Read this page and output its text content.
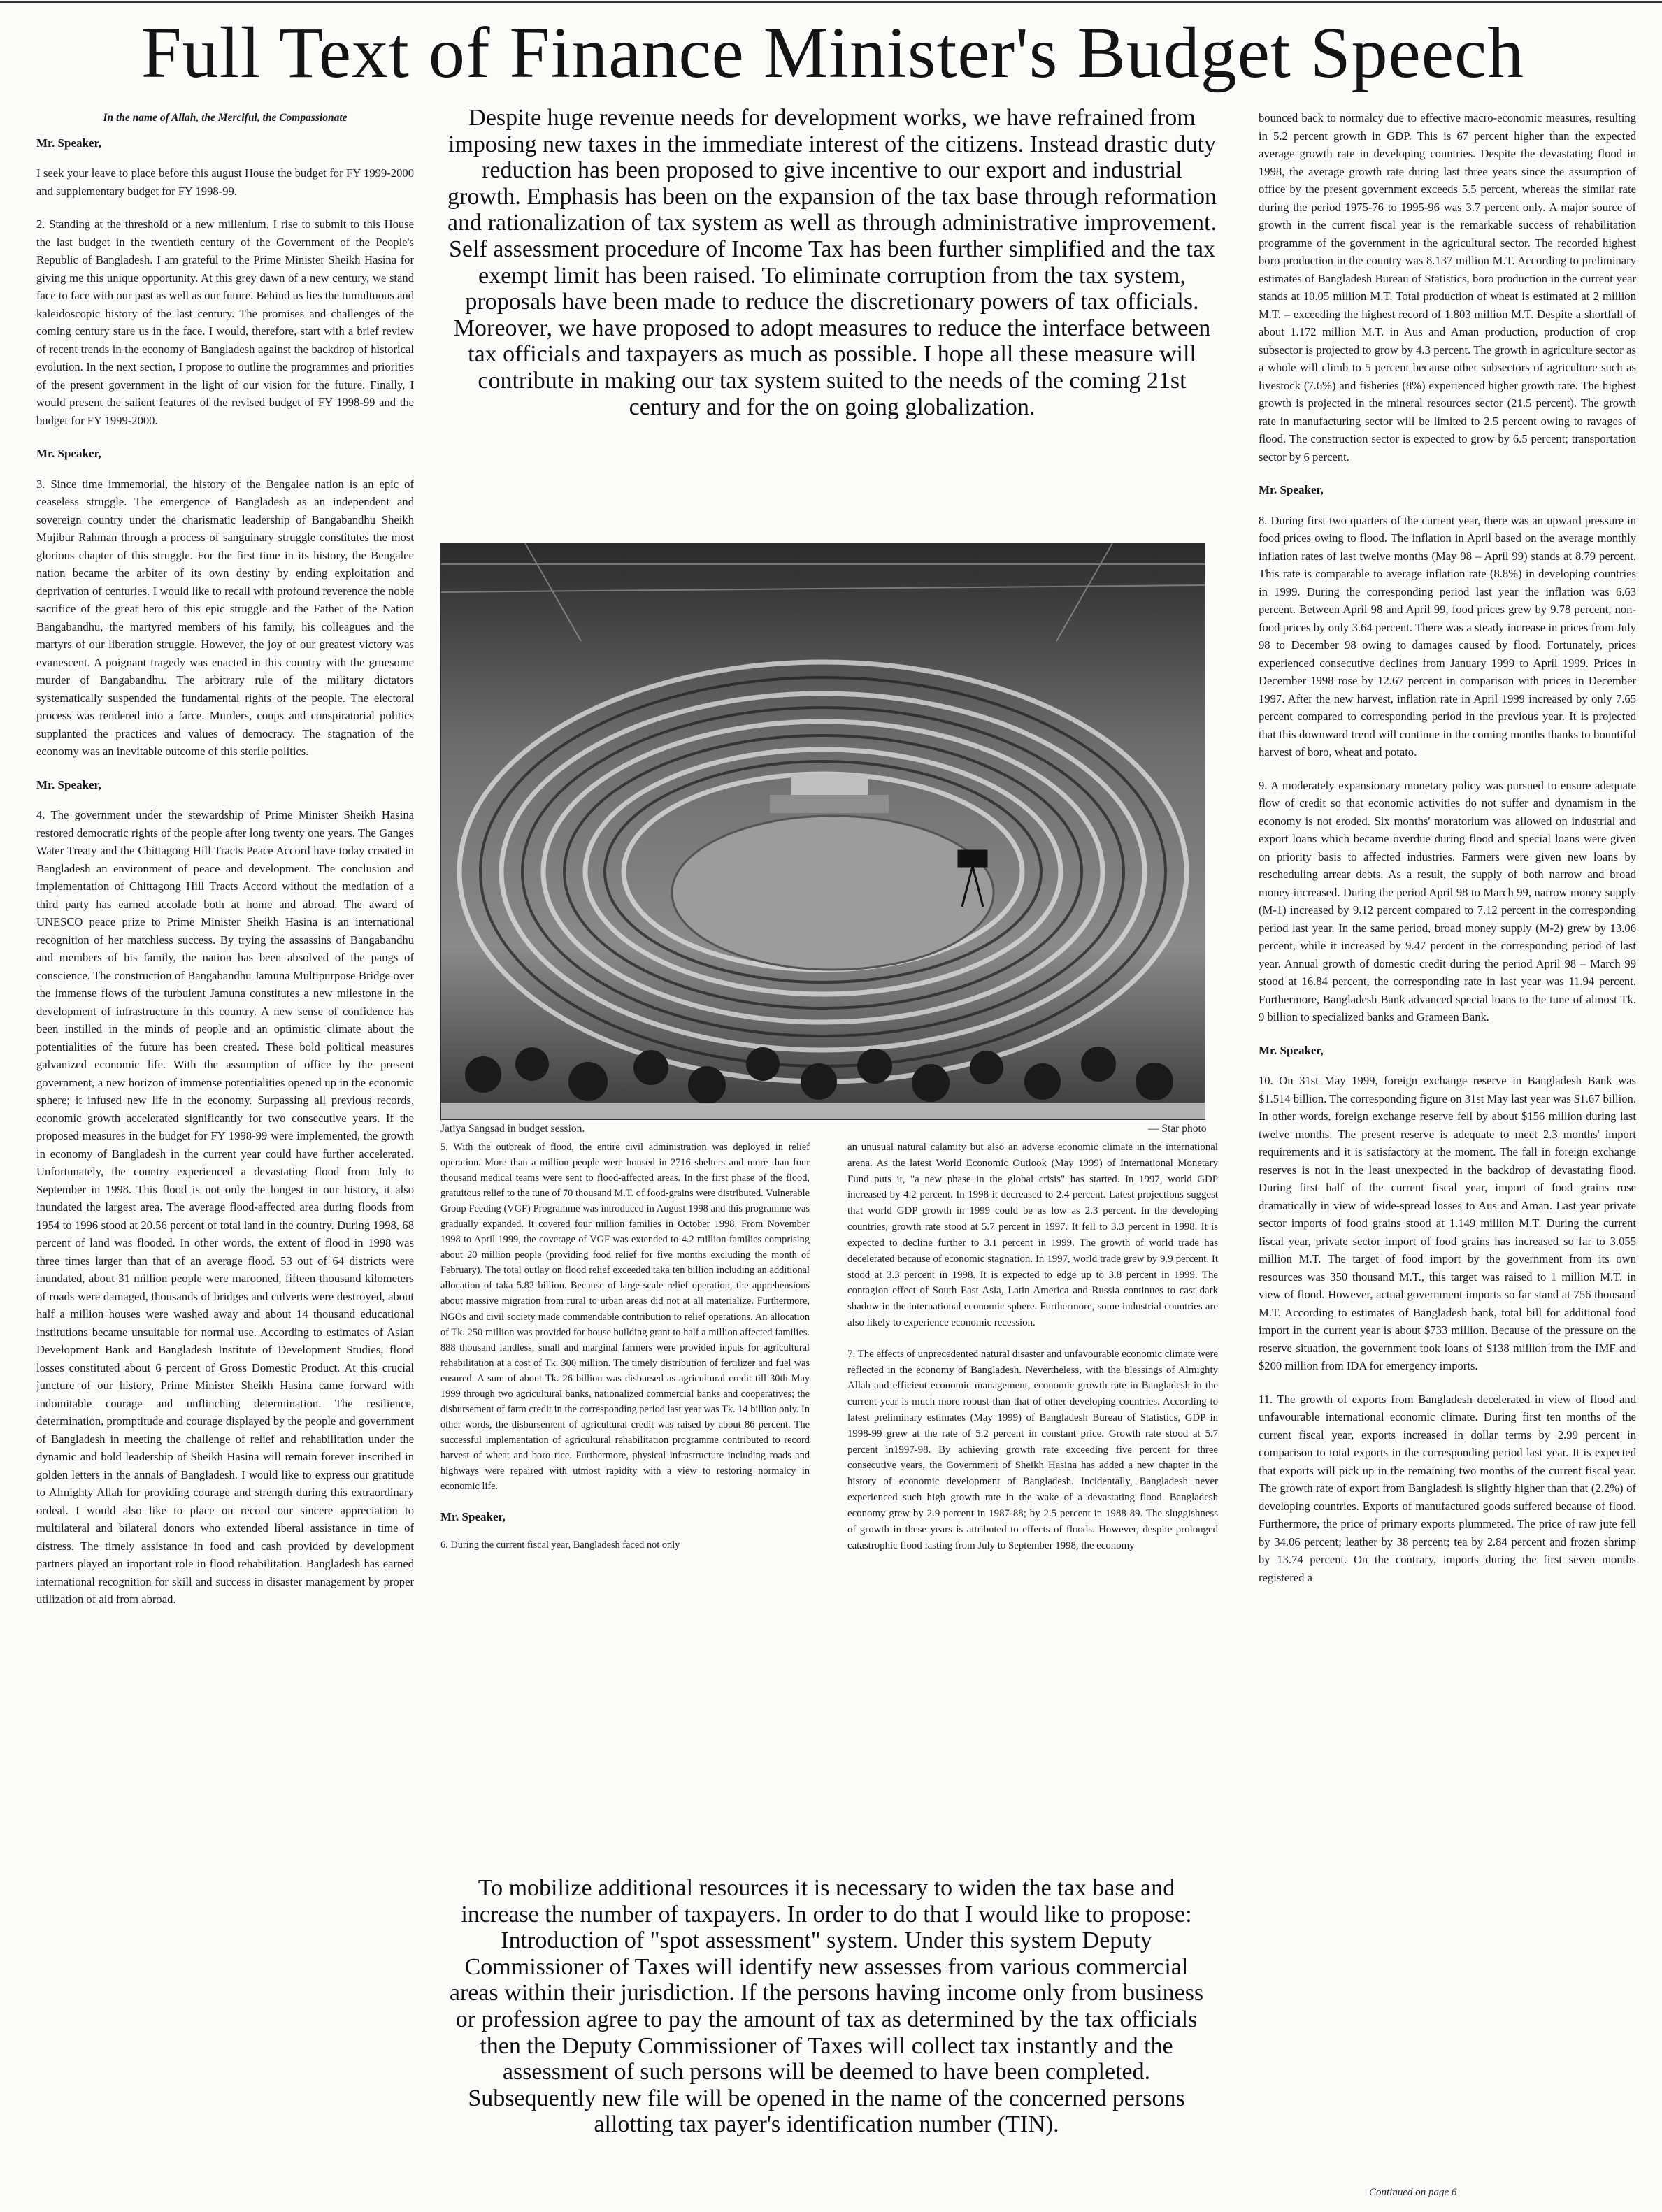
Full Text of Finance Minister's Budget Speech
In the name of Allah, the Merciful, the Compassionate
Mr. Speaker,

I seek your leave to place before this august House the budget for FY 1999-2000 and supplementary budget for FY 1998-99.

2. Standing at the threshold of a new millenium, I rise to submit to this House the last budget in the twentieth century of the Government of the People's Republic of Bangladesh. I am grateful to the Prime Minister Sheikh Hasina for giving me this unique opportunity. At this grey dawn of a new century, we stand face to face with our past as well as our future. Behind us lies the tumultuous and kaleidoscopic history of the last century. The promises and challenges of the coming century stare us in the face. I would, therefore, start with a brief review of recent trends in the economy of Bangladesh against the backdrop of historical evolution. In the next section, I propose to outline the programmes and priorities of the present government in the light of our vision for the future. Finally, I would present the salient features of the revised budget of FY 1998-99 and the budget for FY 1999-2000.

Mr. Speaker,

3. Since time immemorial, the history of the Bengalee nation is an epic of ceaseless struggle. The emergence of Bangladesh as an independent and sovereign country under the charismatic leadership of Bangabandhu Sheikh Mujibur Rahman through a process of sanguinary struggle constitutes the most glorious chapter of this struggle. For the first time in its history, the Bengalee nation became the arbiter of its own destiny by ending exploitation and deprivation of centuries. I would like to recall with profound reverence the noble sacrifice of the great hero of this epic struggle and the Father of the Nation Bangabandhu, the martyred members of his family, his colleagues and the martyrs of our liberation struggle. However, the joy of our greatest victory was evanescent. A poignant tragedy was enacted in this country with the gruesome murder of Bangabandhu. The arbitrary rule of the military dictators systematically suspended the fundamental rights of the people. The electoral process was rendered into a farce. Murders, coups and conspiratorial politics supplanted the practices and values of democracy. The stagnation of the economy was an inevitable outcome of this sterile politics.

Mr. Speaker,

4. The government under the stewardship of Prime Minister Sheikh Hasina restored democratic rights of the people after long twenty one years. The Ganges Water Treaty and the Chittagong Hill Tracts Peace Accord have today created in Bangladesh an environment of peace and development. The conclusion and implementation of Chittagong Hill Tracts Accord without the mediation of a third party has earned accolade both at home and abroad. The award of UNESCO peace prize to Prime Minister Sheikh Hasina is an international recognition of her matchless success. By trying the assassins of Bangabandhu and members of his family, the nation has been absolved of the pangs of conscience. The construction of Bangabandhu Jamuna Multipurpose Bridge over the immense flows of the turbulent Jamuna constitutes a new milestone in the development of infrastructure in this country. A new sense of confidence has been instilled in the minds of people and an optimistic climate about the potentialities of the future has been created. These bold political measures galvanized economic life. With the assumption of office by the present government, a new horizon of immense potentialities opened up in the economic sphere; it infused new life in the economy. Surpassing all previous records, economic growth accelerated significantly for two consecutive years. If the proposed measures in the budget for FY 1998-99 were implemented, the growth in economy of Bangladesh in the current year could have further accelerated. Unfortunately, the country experienced a devastating flood from July to September in 1998. This flood is not only the longest in our history, it also inundated the largest area. The average flood-affected area during floods from 1954 to 1996 stood at 20.56 percent of total land in the country. During 1998, 68 percent of land was flooded. In other words, the extent of flood in 1998 was three times larger than that of an average flood. 53 out of 64 districts were inundated, about 31 million people were marooned, fifteen thousand kilometers of roads were damaged, thousands of bridges and culverts were destroyed, about half a million houses were washed away and about 14 thousand educational institutions became unsuitable for normal use. According to estimates of Asian Development Bank and Bangladesh Institute of Development Studies, flood losses constituted about 6 percent of Gross Domestic Product. At this crucial juncture of our history, Prime Minister Sheikh Hasina came forward with indomitable courage and unflinching determination. The resilience, determination, promptitude and courage displayed by the people and government of Bangladesh in meeting the challenge of relief and rehabilitation under the dynamic and bold leadership of Sheikh Hasina will remain forever inscribed in golden letters in the annals of Bangladesh. I would like to express our gratitude to Almighty Allah for providing courage and strength during this extraordinary ordeal. I would also like to place on record our sincere appreciation to multilateral and bilateral donors who extended liberal assistance in time of distress. The timely assistance in food and cash provided by development partners played an important role in flood rehabilitation. Bangladesh has earned international recognition for skill and success in disaster management by proper utilization of aid from abroad.

Despite huge revenue needs for development works, we have refrained from imposing new taxes in the immediate interest of the citizens. Instead drastic duty reduction has been proposed to give incentive to our export and industrial growth. Emphasis has been on the expansion of the tax base through reformation and rationalization of tax system as well as through administrative improvement. Self assessment procedure of Income Tax has been further simplified and the tax exempt limit has been raised. To eliminate corruption from the tax system, proposals have been made to reduce the discretionary powers of tax officials. Moreover, we have proposed to adopt measures to reduce the interface between tax officials and taxpayers as much as possible. I hope all these measure will contribute in making our tax system suited to the needs of the coming 21st century and for the on going globalization.
Jatiya Sangsad in budget session.	— Star photo

5. With the outbreak of flood, the entire civil administration was deployed in relief operation. More than a million people were housed in 2716 shelters and more than four thousand medical teams were sent to flood-affected areas. In the first phase of the flood, gratuitous relief to the tune of 70 thousand M.T. of food-grains were distributed. Vulnerable Group Feeding (VGF) Programme was introduced in August 1998 and this programme was gradually expanded. It covered four million families in October 1998. From November 1998 to April 1999, the coverage of VGF was extended to 4.2 million families comprising about 20 million people (providing food relief for five months excluding the month of February). The total outlay on flood relief exceeded taka ten billion including an additional allocation of taka 5.82 billion. Because of large-scale relief operation, the apprehensions about massive migration from rural to urban areas did not at all materialize. Furthermore, NGOs and civil society made commendable contribution to relief operations. An allocation of Tk. 250 million was provided for house building grant to half a million affected families. 888 thousand landless, small and marginal farmers were provided inputs for agricultural rehabilitation at a cost of Tk. 300 million. The timely distribution of fertilizer and fuel was ensured. A sum of about Tk. 26 billion was disbursed as agricultural credit till 30th May 1999 through two agricultural banks, nationalized commercial banks and cooperatives; the disbursement of farm credit in the corresponding period last year was Tk. 14 billion only. In other words, the disbursement of agricultural credit was raised by about 86 percent. The successful implementation of agricultural rehabilitation programme contributed to record harvest of wheat and boro rice. Furthermore, physical infrastructure including roads and highways were repaired with utmost rapidity with a view to restoring normalcy in economic life.

Mr. Speaker,

6. During the current fiscal year, Bangladesh faced not only

an unusual natural calamity but also an adverse economic climate in the international arena. As the latest World Economic Outlook (May 1999) of International Monetary Fund puts it, "a new phase in the global crisis" has started. In 1997, world GDP increased by 4.2 percent. In 1998 it decreased to 2.4 percent. Latest projections suggest that world GDP growth in 1999 could be as low as 2.3 percent. In the developing countries, growth rate stood at 5.7 percent in 1997. It fell to 3.3 percent in 1998. It is expected to decline further to 3.1 percent in 1999. The growth of world trade has decelerated because of economic stagnation. In 1997, world trade grew by 9.9 percent. It stood at 3.3 percent in 1998. It is expected to edge up to 3.8 percent in 1999. The contagion effect of South East Asia, Latin America and Russia continues to cast dark shadow in the international economic sphere. Furthermore, some industrial countries are also likely to experience economic recession.

7. The effects of unprecedented natural disaster and unfavourable economic climate were reflected in the economy of Bangladesh. Nevertheless, with the blessings of Almighty Allah and efficient economic management, economic growth rate in Bangladesh in the current year is much more robust than that of other developing countries. According to latest preliminary estimates (May 1999) of Bangladesh Bureau of Statistics, GDP in 1998-99 grew at the rate of 5.2 percent in constant price. Growth rate stood at 5.7 percent in1997-98. By achieving growth rate exceeding five percent for three consecutive years, the Government of Sheikh Hasina has added a new chapter in the history of economic development of Bangladesh. Incidentally, Bangladesh never experienced such high growth rate in the wake of a devastating flood. Bangladesh economy grew by 2.9 percent in 1987-88; by 2.5 percent in 1988-89. The sluggishness of growth in these years is attributed to effects of floods. However, despite prolonged catastrophic flood lasting from July to September 1998, the economy

To mobilize additional resources it is necessary to widen the tax base and increase the number of taxpayers. In order to do that I would like to propose: Introduction of "spot assessment" system. Under this system Deputy Commissioner of Taxes will identify new assesses from various commercial areas within their jurisdiction. If the persons having income only from business or profession agree to pay the amount of tax as determined by the tax officials then the Deputy Commissioner of Taxes will collect tax instantly and the assessment of such persons will be deemed to have been completed. Subsequently new file will be opened in the name of the concerned persons allotting tax payer's identification number (TIN).

bounced back to normalcy due to effective macro-economic measures, resulting in 5.2 percent growth in GDP. This is 67 percent higher than the expected average growth rate in developing countries. Despite the devastating flood in 1998, the average growth rate during last three years since the assumption of office by the present government exceeds 5.5 percent, whereas the similar rate during the period 1975-76 to 1995-96 was 3.7 percent only. A major source of growth in the current fiscal year is the remarkable success of rehabilitation programme of the government in the agricultural sector. The recorded highest boro production in the country was 8.137 million M.T. According to preliminary estimates of Bangladesh Bureau of Statistics, boro production in the current year stands at 10.05 million M.T. Total production of wheat is estimated at 2 million M.T. – exceeding the highest record of 1.803 million M.T. Despite a shortfall of about 1.172 million M.T. in Aus and Aman production, production of crop subsector is projected to grow by 4.3 percent. The growth in agriculture sector as a whole will climb to 5 percent because other subsectors of agriculture such as livestock (7.6%) and fisheries (8%) experienced higher growth rate. The highest growth is projected in the mineral resources sector (21.5 percent). The growth rate in manufacturing sector will be limited to 2.5 percent owing to ravages of flood. The construction sector is expected to grow by 6.5 percent; transportation sector by 6 percent.

Mr. Speaker,

8. During first two quarters of the current year, there was an upward pressure in food prices owing to flood. The inflation in April based on the average monthly inflation rates of last twelve months (May 98 – April 99) stands at 8.79 percent. This rate is comparable to average inflation rate (8.8%) in developing countries in 1999. During the corresponding period last year the inflation was 6.63 percent. Between April 98 and April 99, food prices grew by 9.78 percent, non-food prices by only 3.64 percent. There was a steady increase in prices from July 98 to December 98 owing to damages caused by flood. Fortunately, prices experienced consecutive declines from January 1999 to April 1999. Prices in December 1998 rose by 12.67 percent in comparison with prices in December 1997. After the new harvest, inflation rate in April 1999 increased by only 7.65 percent compared to corresponding period in the previous year. It is projected that this downward trend will continue in the coming months thanks to bountiful harvest of boro, wheat and potato.

9. A moderately expansionary monetary policy was pursued to ensure adequate flow of credit so that economic activities do not suffer and dynamism in the economy is not eroded. Six months' moratorium was allowed on industrial and export loans which became overdue during flood and special loans were given on priority basis to affected industries. Farmers were given new loans by rescheduling arrear debts. As a result, the supply of both narrow and broad money increased. During the period April 98 to March 99, narrow money supply (M-1) increased by 9.12 percent compared to 7.12 percent in the corresponding period last year. In the same period, broad money supply (M-2) grew by 13.06 percent, while it increased by 9.47 percent in the corresponding period of last year. Annual growth of domestic credit during the period April 98 – March 99 stood at 16.84 percent, the corresponding rate in last year was 11.94 percent. Furthermore, Bangladesh Bank advanced special loans to the tune of almost Tk. 9 billion to specialized banks and Grameen Bank.

Mr. Speaker,

10. On 31st May 1999, foreign exchange reserve in Bangladesh Bank was $1.514 billion. The corresponding figure on 31st May last year was $1.67 billion. In other words, foreign exchange reserve fell by about $156 million during last twelve months. The present reserve is adequate to meet 2.3 months' import requirements and it is satisfactory at the moment. The fall in foreign exchange reserves is not in the least unexpected in the backdrop of devastating flood. During first half of the current fiscal year, import of food grains rose dramatically in view of wide-spread losses to Aus and Aman. Last year private sector imports of food grains stood at 1.149 million M.T. During the current fiscal year, private sector import of food grains has increased so far to 3.055 million M.T. The target of food import by the government from its own resources was 350 thousand M.T., this target was raised to 1 million M.T. in view of flood. However, actual government imports so far stand at 756 thousand M.T. According to estimates of Bangladesh bank, total bill for additional food import in the current year is about $733 million. Because of the pressure on the reserve situation, the government took loans of $138 million from the IMF and $200 million from IDA for emergency imports.

11. The growth of exports from Bangladesh decelerated in view of flood and unfavourable international economic climate. During first ten months of the current fiscal year, exports increased in dollar terms by 2.99 percent in comparison to total exports in the corresponding period last year. It is expected that exports will pick up in the remaining two months of the current fiscal year. The growth rate of export from Bangladesh is slightly higher than that (2.2%) of developing countries. Exports of manufactured goods suffered because of flood. Furthermore, the price of primary exports plummeted. The price of raw jute fell by 34.06 percent; leather by 38 percent; tea by 2.84 percent and frozen shrimp by 13.74 percent. On the contrary, imports during the first seven months registered a

Continued on page 6
